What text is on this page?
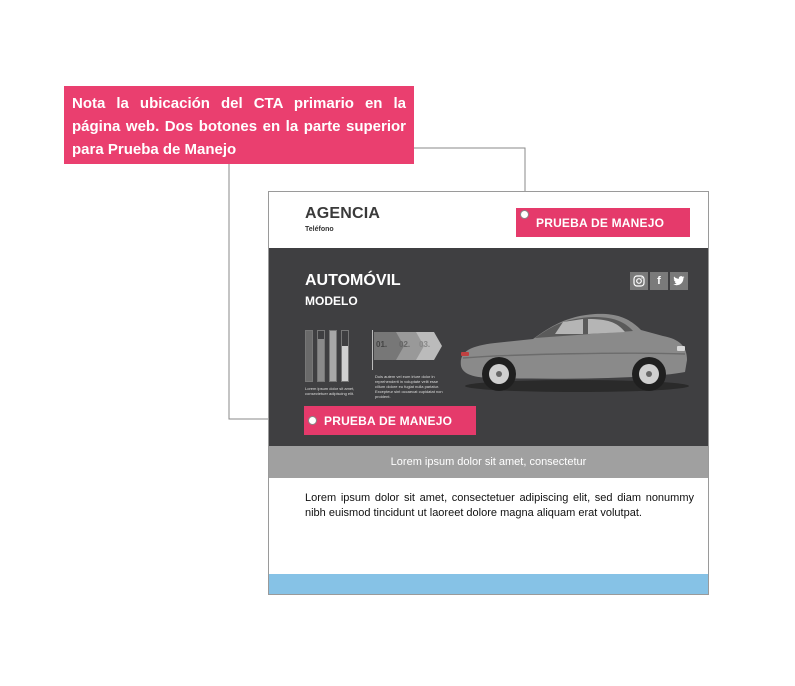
Nota la ubicación del CTA primario en la página web. Dos botones en la parte superior para Prueba de Manejo
AGENCIA
Teléfono	PRUEBA DE MANEJO
AUTOMÓVIL
MODELO
f
Lorem ipsum dolor sit amet, consectetuer adipiscing elit.
01. 02. 03.
Duis autem vel eum iriure dolor in reprehenderit in voluptate velit esse cillum dolore eu fugiat nulla pariatur. Excepteur sint occaecat cupidatat non proident.
PRUEBA DE MANEJO
Lorem ipsum dolor sit amet, consectetur
Lorem ipsum dolor sit amet, consectetuer adipiscing elit, sed diam nonummy nibh euismod tincidunt ut laoreet dolore magna aliquam erat volutpat.
